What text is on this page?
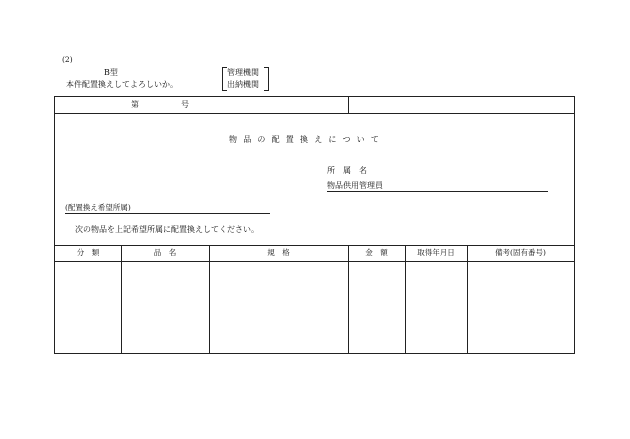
(2)
B型
本件配置換えしてよろしいか。
管理機関
出納機関
第	号
物品の配置換えについて
所　属　名
物品供用管理員
(配置換え希望所属)
次の物品を上記希望所属に配置換えしてください。
分　類	品　名	規　格	金　額	取得年月日	備考(固有番号)
